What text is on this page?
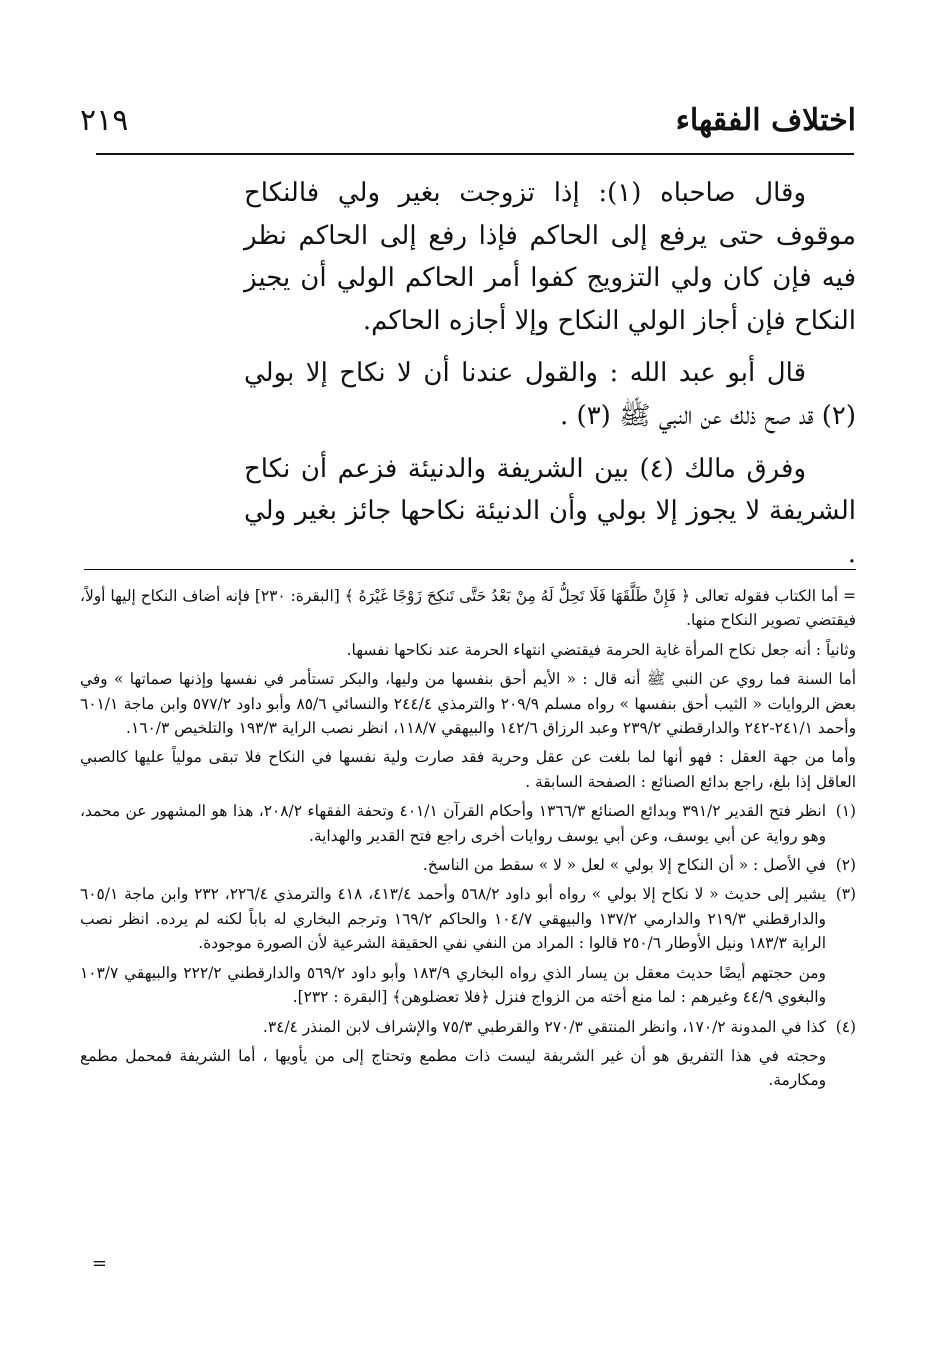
اختلاف الفقهاء
٢١٩

وقال صاحباه (١): إذا تزوجت بغير ولي فالنكاح موقوف حتى يرفع إلى الحاكم فإذا رفع إلى الحاكم نظر فيه فإن كان ولي التزويج كفوا أمر الحاكم الولي أن يجيز النكاح فإن أجاز الولي النكاح وإلا أجازه الحاكم.

قال أبو عبد الله : والقول عندنا أن لا نكاح إلا بولي (٢) قد صح ذلك عن النبي ﷺ (٣) .

وفرق مالك (٤) بين الشريفة والدنيئة فزعم أن نكاح الشريفة لا يجوز إلا بولي وأن الدنيئة نكاحها جائز بغير ولي .

= أما الكتاب فقوله تعالى ﴿ فَإِنْ طَلَّقَهَا فَلَا تَحِلُّ لَهُ مِنْ بَعْدُ حَتَّى تَنكِحَ زَوْجًا غَيْرَهُ ﴾ [البقرة: ٢٣٠] فإنه أضاف النكاح إليها أولاً، فيقتضي تصوير النكاح منها.

وثانياً : أنه جعل نكاح المرأة غاية الحرمة فيقتضي انتهاء الحرمة عند نكاحها نفسها.

أما السنة فما روي عن النبي ﷺ أنه قال : « الأيم أحق بنفسها من وليها، والبكر تستأمر في نفسها وإذنها صماتها » وفي بعض الروايات « الثيب أحق بنفسها » رواه مسلم ٢٠٩/٩ والترمذي ٢٤٤/٤ والنسائي ٨٥/٦ وأبو داود ٥٧٧/٢ وابن ماجة ٦٠١/١ وأحمد ٢٤١/١-٢٤٢ والدارقطني ٢٣٩/٢ وعبد الرزاق ١٤٢/٦ والبيهقي ١١٨/٧، انظر نصب الراية ١٩٣/٣ والتلخيص ١٦٠/٣.

وأما من جهة العقل : فهو أنها لما بلغت عن عقل وحرية فقد صارت ولية نفسها في النكاح فلا تبقى مولياً عليها كالصبي العاقل إذا بلغ، راجع بدائع الصنائع : الصفحة السابقة .

(١)

انظر فتح القدير ٣٩١/٢ وبدائع الصنائع ١٣٦٦/٣ وأحكام القرآن ٤٠١/١ وتحفة الفقهاء ٢٠٨/٢، هذا هو المشهور عن محمد، وهو رواية عن أبي يوسف، وعن أبي يوسف روايات أخرى راجع فتح القدير والهداية.

(٢)

في الأصل : « أن النكاح إلا بولي » لعل « لا » سقط من الناسخ.

(٣)

يشير إلى حديث « لا نكاح إلا بولي » رواه أبو داود ٥٦٨/٢ وأحمد ٤١٣/٤، ٤١٨ والترمذي ٢٢٦/٤، ٢٣٢ وابن ماجة ٦٠٥/١ والدارقطني ٢١٩/٣ والدارمي ١٣٧/٢ والبيهقي ١٠٤/٧ والحاكم ١٦٩/٢ وترجم البخاري له باباً لكنه لم يرده. انظر نصب الراية ١٨٣/٣ ونيل الأوطار ٢٥٠/٦ قالوا : المراد من النفي نفي الحقيقة الشرعية لأن الصورة موجودة.

ومن حجتهم أيضًا حديث معقل بن يسار الذي رواه البخاري ١٨٣/٩ وأبو داود ٥٦٩/٢ والدارقطني ٢٢٢/٢ والبيهقي ١٠٣/٧ والبغوي ٤٤/٩ وغيرهم : لما منع أخته من الزواج فنزل ﴿فلا تعضلوهن﴾ [البقرة : ٢٣٢].

(٤)

كذا في المدونة ١٧٠/٢، وانظر المنتقي ٢٧٠/٣ والقرطبي ٧٥/٣ والإشراف لابن المنذر ٣٤/٤.

وحجته في هذا التفريق هو أن غير الشريفة ليست ذات مطمع وتحتاج إلى من يأويها ، أما الشريفة فمحمل مطمع ومكارمة.

=
